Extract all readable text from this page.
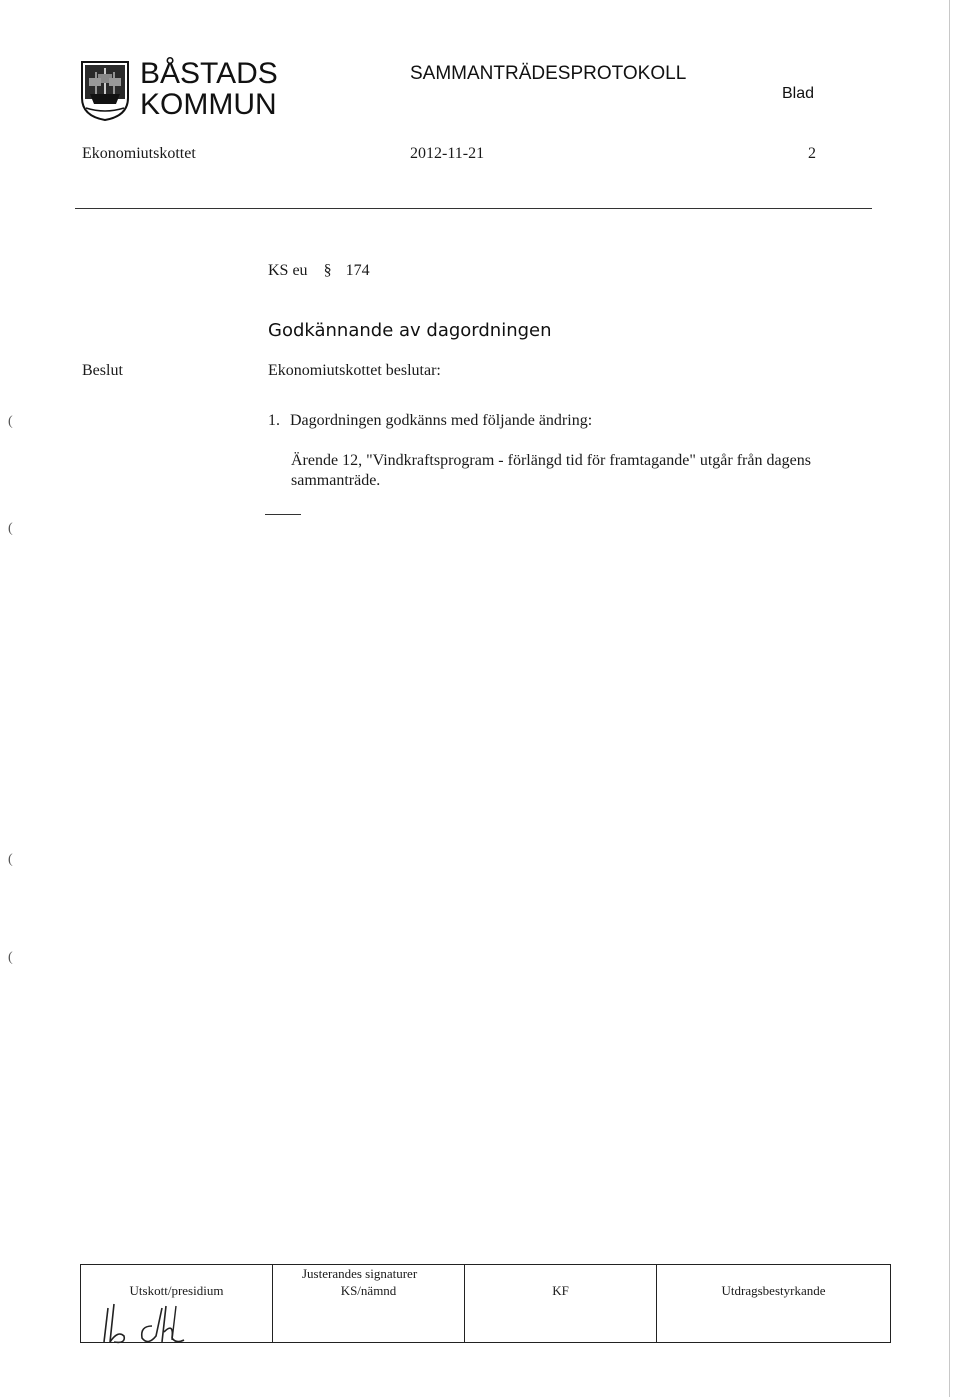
(
(
(
(
BÅSTADS
KOMMUN
SAMMANTRÄDESPROTOKOLL
Blad
Ekonomiutskottet	2012-11-21	2
KS eu § 174
Godkännande av dagordningen
Beslut	Ekonomiutskottet beslutar:
1. Dagordningen godkänns med följande ändring:
Ärende 12, "Vindkraftsprogram - förlängd tid för framtagande" utgår från dagens sammanträde.
Justerandes signaturer
Utskott/presidium	KS/nämnd	KF	Utdragsbestyrkande
